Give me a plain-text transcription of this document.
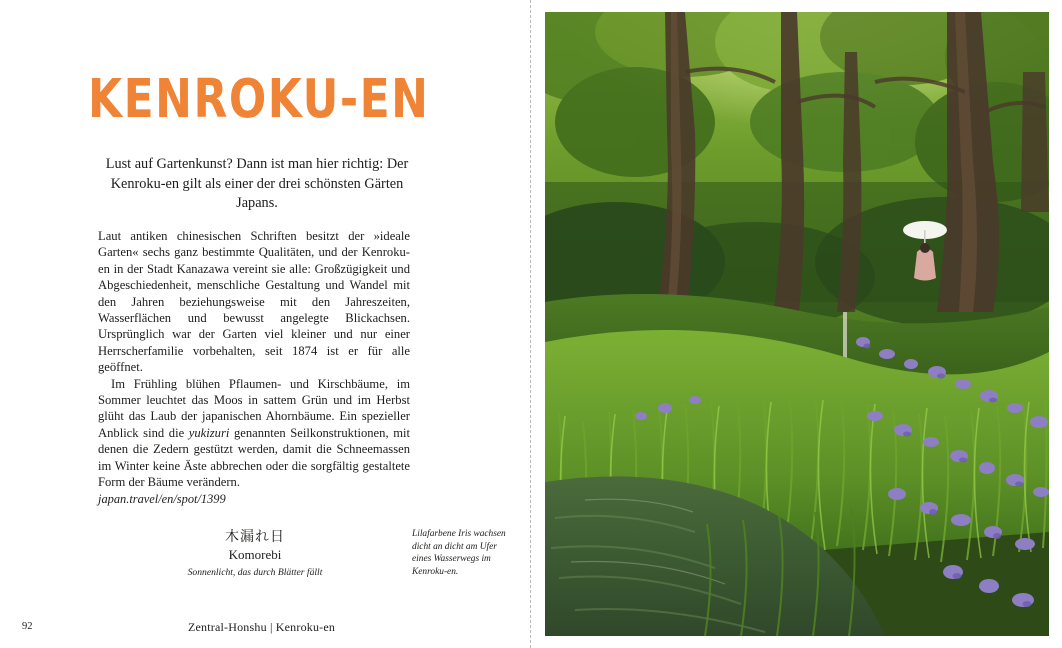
KENROKU-EN
Lust auf Gartenkunst? Dann ist man hier richtig: Der Kenroku-en gilt als einer der drei schönsten Gärten Japans.

Laut antiken chinesischen Schriften besitzt der »ideale Garten« sechs ganz bestimmte Qualitäten, und der Kenroku-en in der Stadt Kanazawa vereint sie alle: Großzügigkeit und Abgeschiedenheit, menschliche Gestaltung und Wandel mit den Jahren beziehungsweise mit den Jahreszeiten, Wasserflächen und bewusst angelegte Blickachsen. Ursprünglich war der Garten viel kleiner und nur einer Herrscherfamilie vorbehalten, seit 1874 ist er für alle geöffnet.

Im Frühling blühen Pflaumen- und Kirschbäume, im Sommer leuchtet das Moos in sattem Grün und im Herbst glüht das Laub der japanischen Ahornbäume. Ein spezieller Anblick sind die yukizuri genannten Seilkonstruktionen, mit denen die Zedern gestützt werden, damit die Schneemassen im Winter keine Äste abbrechen oder die sorgfältig gestaltete Form der Bäume verändern.

japan.travel/en/spot/1399

木漏れ日
Komorebi
Sonnenlicht, das durch Blätter fällt
Lilafarbene Iris wachsen dicht an dicht am Ufer eines Wasserwegs im Kenroku-en.
92	Zentral-Honshu | Kenroku-en
